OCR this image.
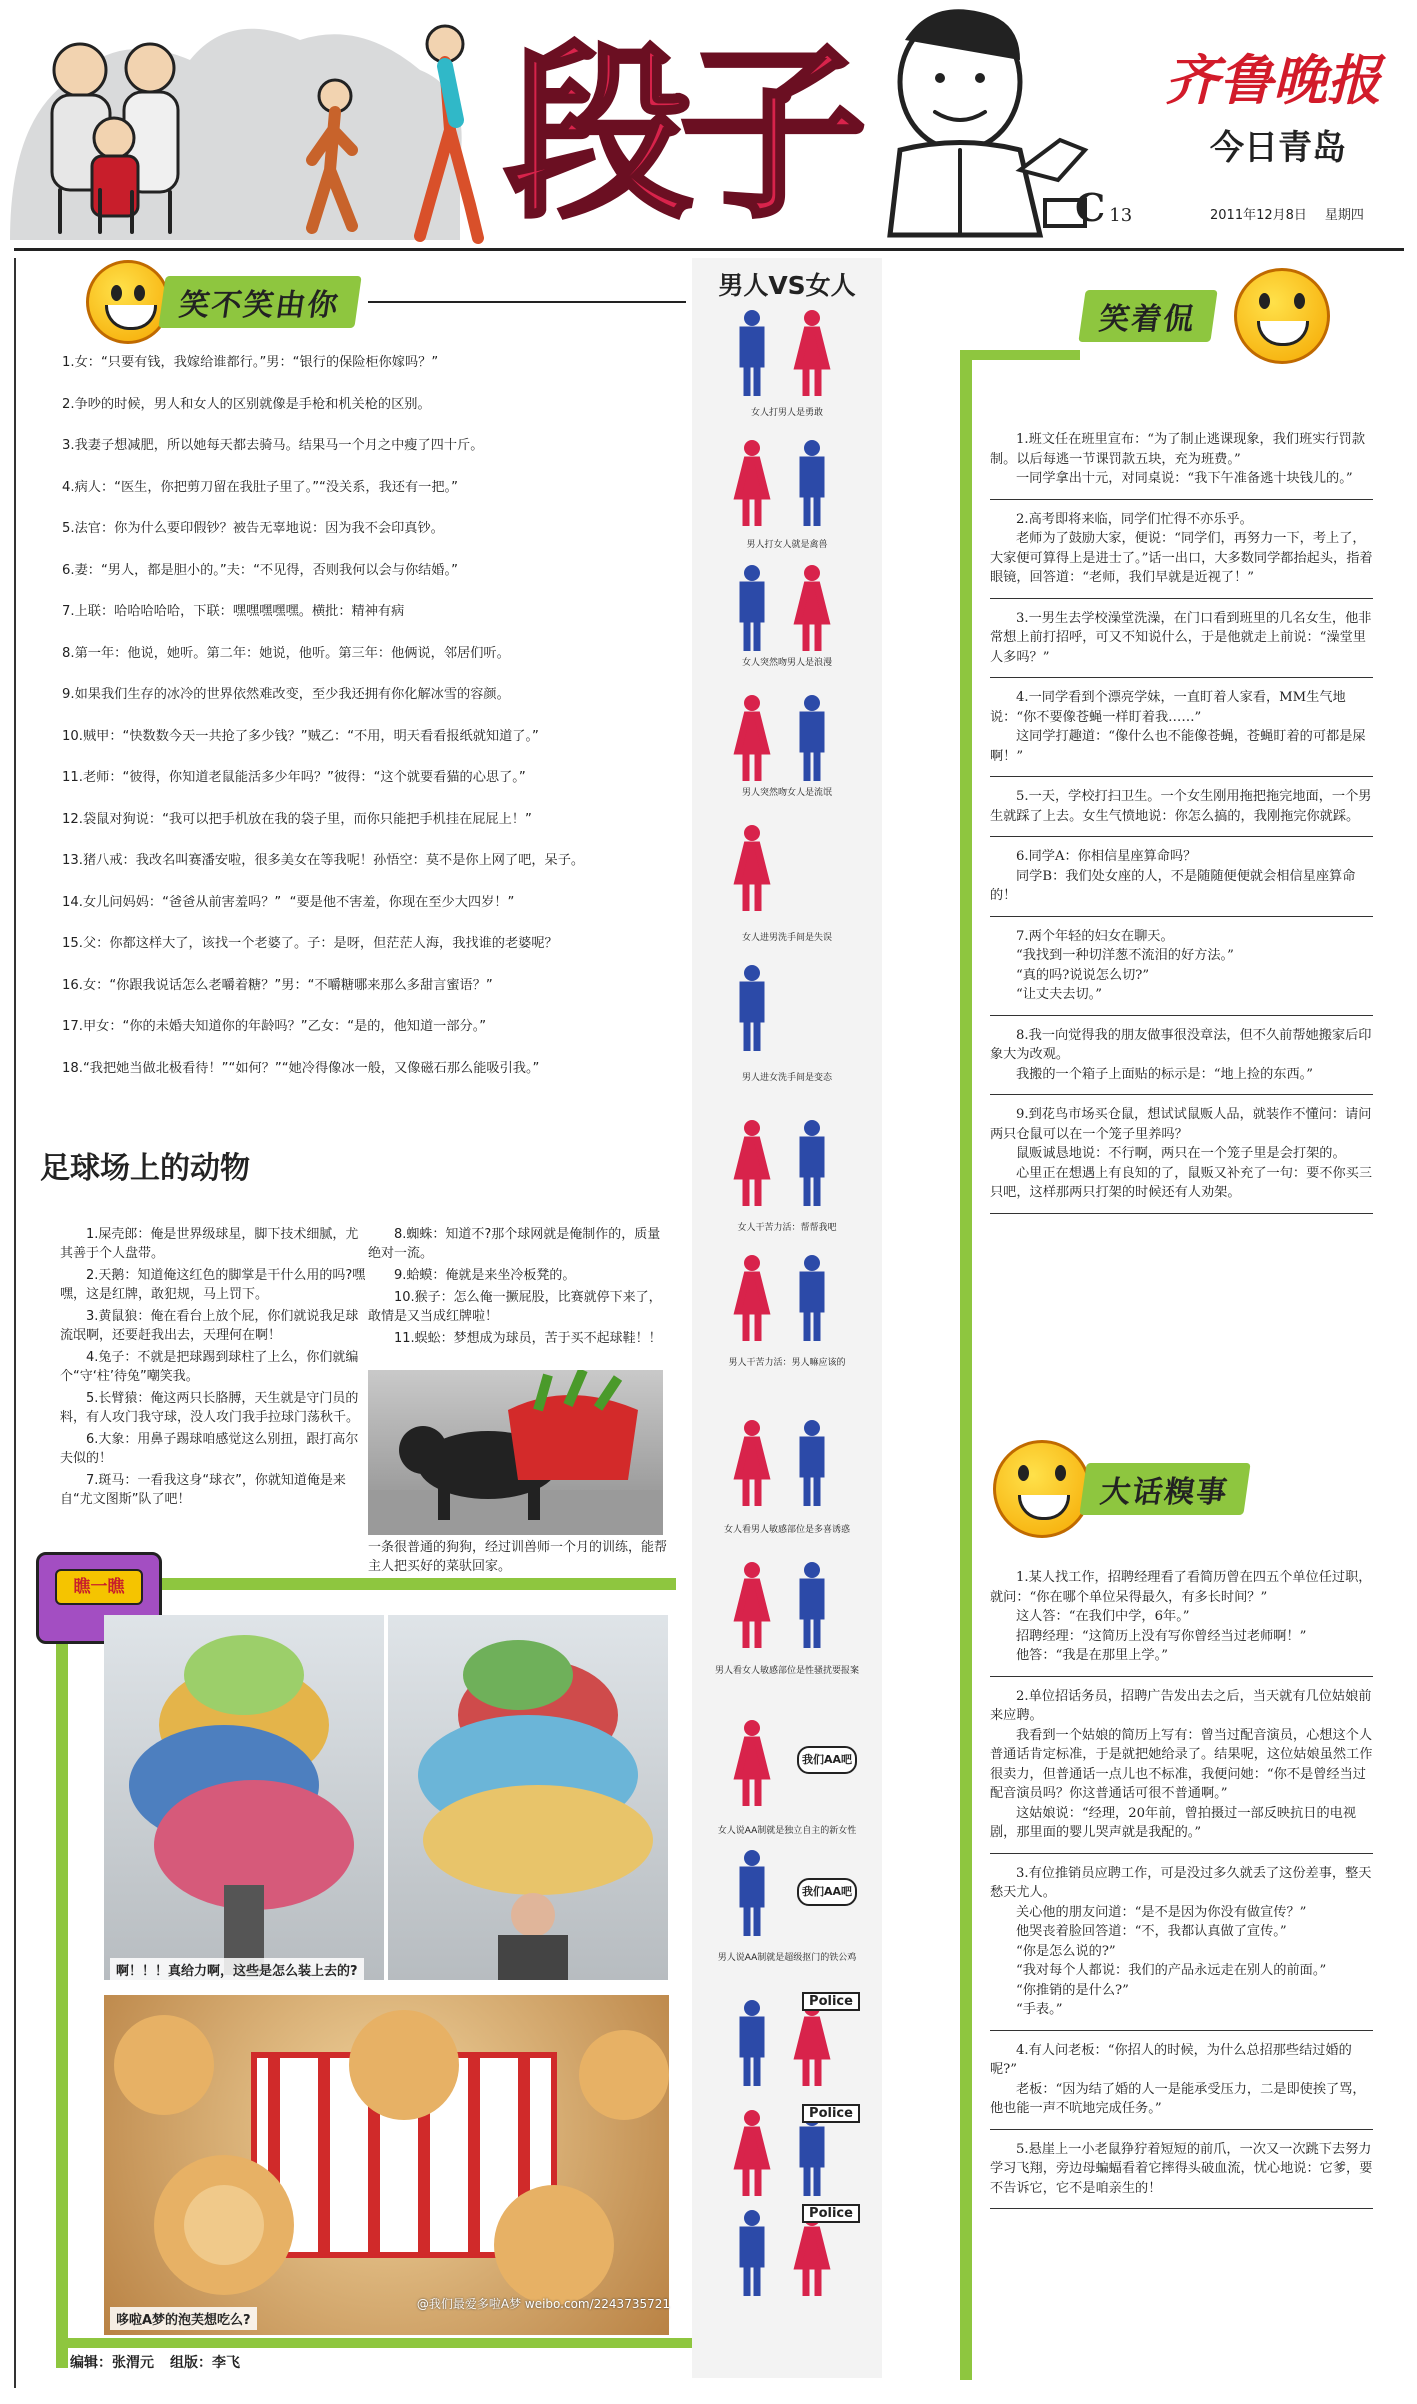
段子	齐鲁晚报
今日青岛
C 13	2011年12月8日 星期四
笑不笑由你

1.女：“只要有钱，我嫁给谁都行。”男：“银行的保险柜你嫁吗？”

2.争吵的时候，男人和女人的区别就像是手枪和机关枪的区别。

3.我妻子想减肥，所以她每天都去骑马。结果马一个月之中瘦了四十斤。

4.病人：“医生，你把剪刀留在我肚子里了。”“没关系，我还有一把。”

5.法官：你为什么要印假钞？被告无辜地说：因为我不会印真钞。

6.妻：“男人，都是胆小的。”夫：“不见得，否则我何以会与你结婚。”

7.上联：哈哈哈哈哈，下联：嘿嘿嘿嘿嘿。横批：精神有病

8.第一年：他说，她听。第二年：她说，他听。第三年：他俩说，邻居们听。

9.如果我们生存的冰冷的世界依然难改变，至少我还拥有你化解冰雪的容颜。

10.贼甲：“快数数今天一共抢了多少钱？”贼乙：“不用，明天看看报纸就知道了。”

11.老师：“彼得，你知道老鼠能活多少年吗？”彼得：“这个就要看猫的心思了。”

12.袋鼠对狗说：“我可以把手机放在我的袋子里，而你只能把手机挂在屁屁上！”

13.猪八戒：我改名叫赛潘安啦，很多美女在等我呢！孙悟空：莫不是你上网了吧，呆子。

14.女儿问妈妈：“爸爸从前害羞吗？”  “要是他不害羞，你现在至少大四岁！”

15.父：你都这样大了，该找一个老婆了。子：是呀，但茫茫人海，我找谁的老婆呢？

16.女：“你跟我说话怎么老嚼着糖？”男：“不嚼糖哪来那么多甜言蜜语？”

17.甲女：“你的未婚夫知道你的年龄吗？”乙女：“是的，他知道一部分。”

18.“我把她当做北极看待！”“如何？”“她冷得像冰一般，又像磁石那么能吸引我。”

足球场上的动物

1.屎壳郎：俺是世界级球星，脚下技术细腻，尤其善于个人盘带。

2.天鹅：知道俺这红色的脚掌是干什么用的吗?嘿嘿，这是红牌，敢犯规，马上罚下。

3.黄鼠狼：俺在看台上放个屁，你们就说我足球流氓啊，还要赶我出去，天理何在啊！

4.兔子：不就是把球踢到球柱了上么，你们就编个“守‘柱’待兔”嘲笑我。

5.长臂猿：俺这两只长胳膊，天生就是守门员的料，有人攻门我守球，没人攻门我手拉球门荡秋千。

6.大象：用鼻子踢球咱感觉这么别扭，跟打高尔夫似的！

7.斑马：一看我这身“球衣”，你就知道俺是来自“尤文图斯”队了吧！

8.蜘蛛：知道不?那个球网就是俺制作的，质量绝对一流。

9.蛤蟆：俺就是来坐冷板凳的。

10.猴子：怎么俺一撅屁股，比赛就停下来了，敢情是又当成红牌啦！

11.蜈蚣：梦想成为球员，苦于买不起球鞋！！

一条很普通的狗狗，经过训兽师一个月的训练，能帮主人把买好的菜驮回家。
瞧一瞧
啊！！！真给力啊，这些是怎么装上去的?
@我们最爱多啦A梦 weibo.com/2243735721
哆啦A梦的泡芙想吃么?
编辑：张渭元 组版：李飞
男人VS女人
女人打男人是勇敢
男人打女人就是禽兽
女人突然吻男人是浪漫
男人突然吻女人是流氓
女人进男洗手间是失误
男人进女洗手间是变态
女人干苦力活：帮帮我吧
男人干苦力活：男人嘛应该的
女人看男人敏感部位是多喜诱惑
男人看女人敏感部位是性骚扰要报案
女人说AA制就是独立自主的新女性
男人说AA制就是超级抠门的铁公鸡
我们AA吧
我们AA吧
Police
Police
Police
笑着侃

1.班文任在班里宣布：“为了制止逃课现象，我们班实行罚款制。以后每逃一节课罚款五块，充为班费。”

一同学拿出十元，对同桌说：“我下午准备逃十块钱儿的。”

2.高考即将来临，同学们忙得不亦乐乎。

老师为了鼓励大家，便说：“同学们，再努力一下，考上了，大家便可算得上是进士了。”话一出口，大多数同学都抬起头，指着眼镜，回答道：“老师，我们早就是近视了！”

3.一男生去学校澡堂洗澡，在门口看到班里的几名女生，他非常想上前打招呼，可又不知说什么，于是他就走上前说：“澡堂里人多吗？”

4.一同学看到个漂亮学妹，一直盯着人家看，MM生气地说：“你不要像苍蝇一样盯着我……”

这同学打趣道：“像什么也不能像苍蝇，苍蝇盯着的可都是屎啊！”

5.一天，学校打扫卫生。一个女生刚用拖把拖完地面，一个男生就踩了上去。女生气愤地说：你怎么搞的，我刚拖完你就踩。

6.同学A：你相信星座算命吗？

同学B：我们处女座的人，不是随随便便就会相信星座算命的！

7.两个年轻的妇女在聊天。

“我找到一种切洋葱不流泪的好方法。”

“真的吗?说说怎么切?”

“让丈夫去切。”

8.我一向觉得我的朋友做事很没章法，但不久前帮她搬家后印象大为改观。

我搬的一个箱子上面贴的标示是：“地上捡的东西。”

9.到花鸟市场买仓鼠，想试试鼠贩人品，就装作不懂问：请问两只仓鼠可以在一个笼子里养吗？

鼠贩诚恳地说：不行啊，两只在一个笼子里是会打架的。

心里正在想遇上有良知的了，鼠贩又补充了一句：要不你买三只吧，这样那两只打架的时候还有人劝架。

大话糗事

1.某人找工作，招聘经理看了看简历曾在四五个单位任过职，就问：“你在哪个单位呆得最久，有多长时间？”

这人答：“在我们中学，6年。”

招聘经理：“这简历上没有写你曾经当过老师啊！”

他答：“我是在那里上学。”

2.单位招话务员，招聘广告发出去之后，当天就有几位姑娘前来应聘。

我看到一个姑娘的简历上写有：曾当过配音演员，心想这个人普通话肯定标准，于是就把她给录了。结果呢，这位姑娘虽然工作很卖力，但普通话一点儿也不标准，我便问她：“你不是曾经当过配音演员吗？你这普通话可很不普通啊。”

这姑娘说：“经理，20年前，曾拍摄过一部反映抗日的电视剧，那里面的婴儿哭声就是我配的。”

3.有位推销员应聘工作，可是没过多久就丢了这份差事，整天愁天尤人。

关心他的朋友问道：“是不是因为你没有做宣传？”

他哭丧着脸回答道：“不，我都认真做了宣传。”

“你是怎么说的?”

“我对每个人都说：我们的产品永远走在别人的前面。”

“你推销的是什么?”

“手表。”

4.有人问老板：“你招人的时候，为什么总招那些结过婚的呢?”

老板：“因为结了婚的人一是能承受压力，二是即使挨了骂，他也能一声不吭地完成任务。”

5.悬崖上一小老鼠狰狞着短短的前爪，一次又一次跳下去努力学习飞翔，旁边母蝙蝠看着它摔得头破血流，忧心地说：它爹，要不告诉它，它不是咱亲生的！
